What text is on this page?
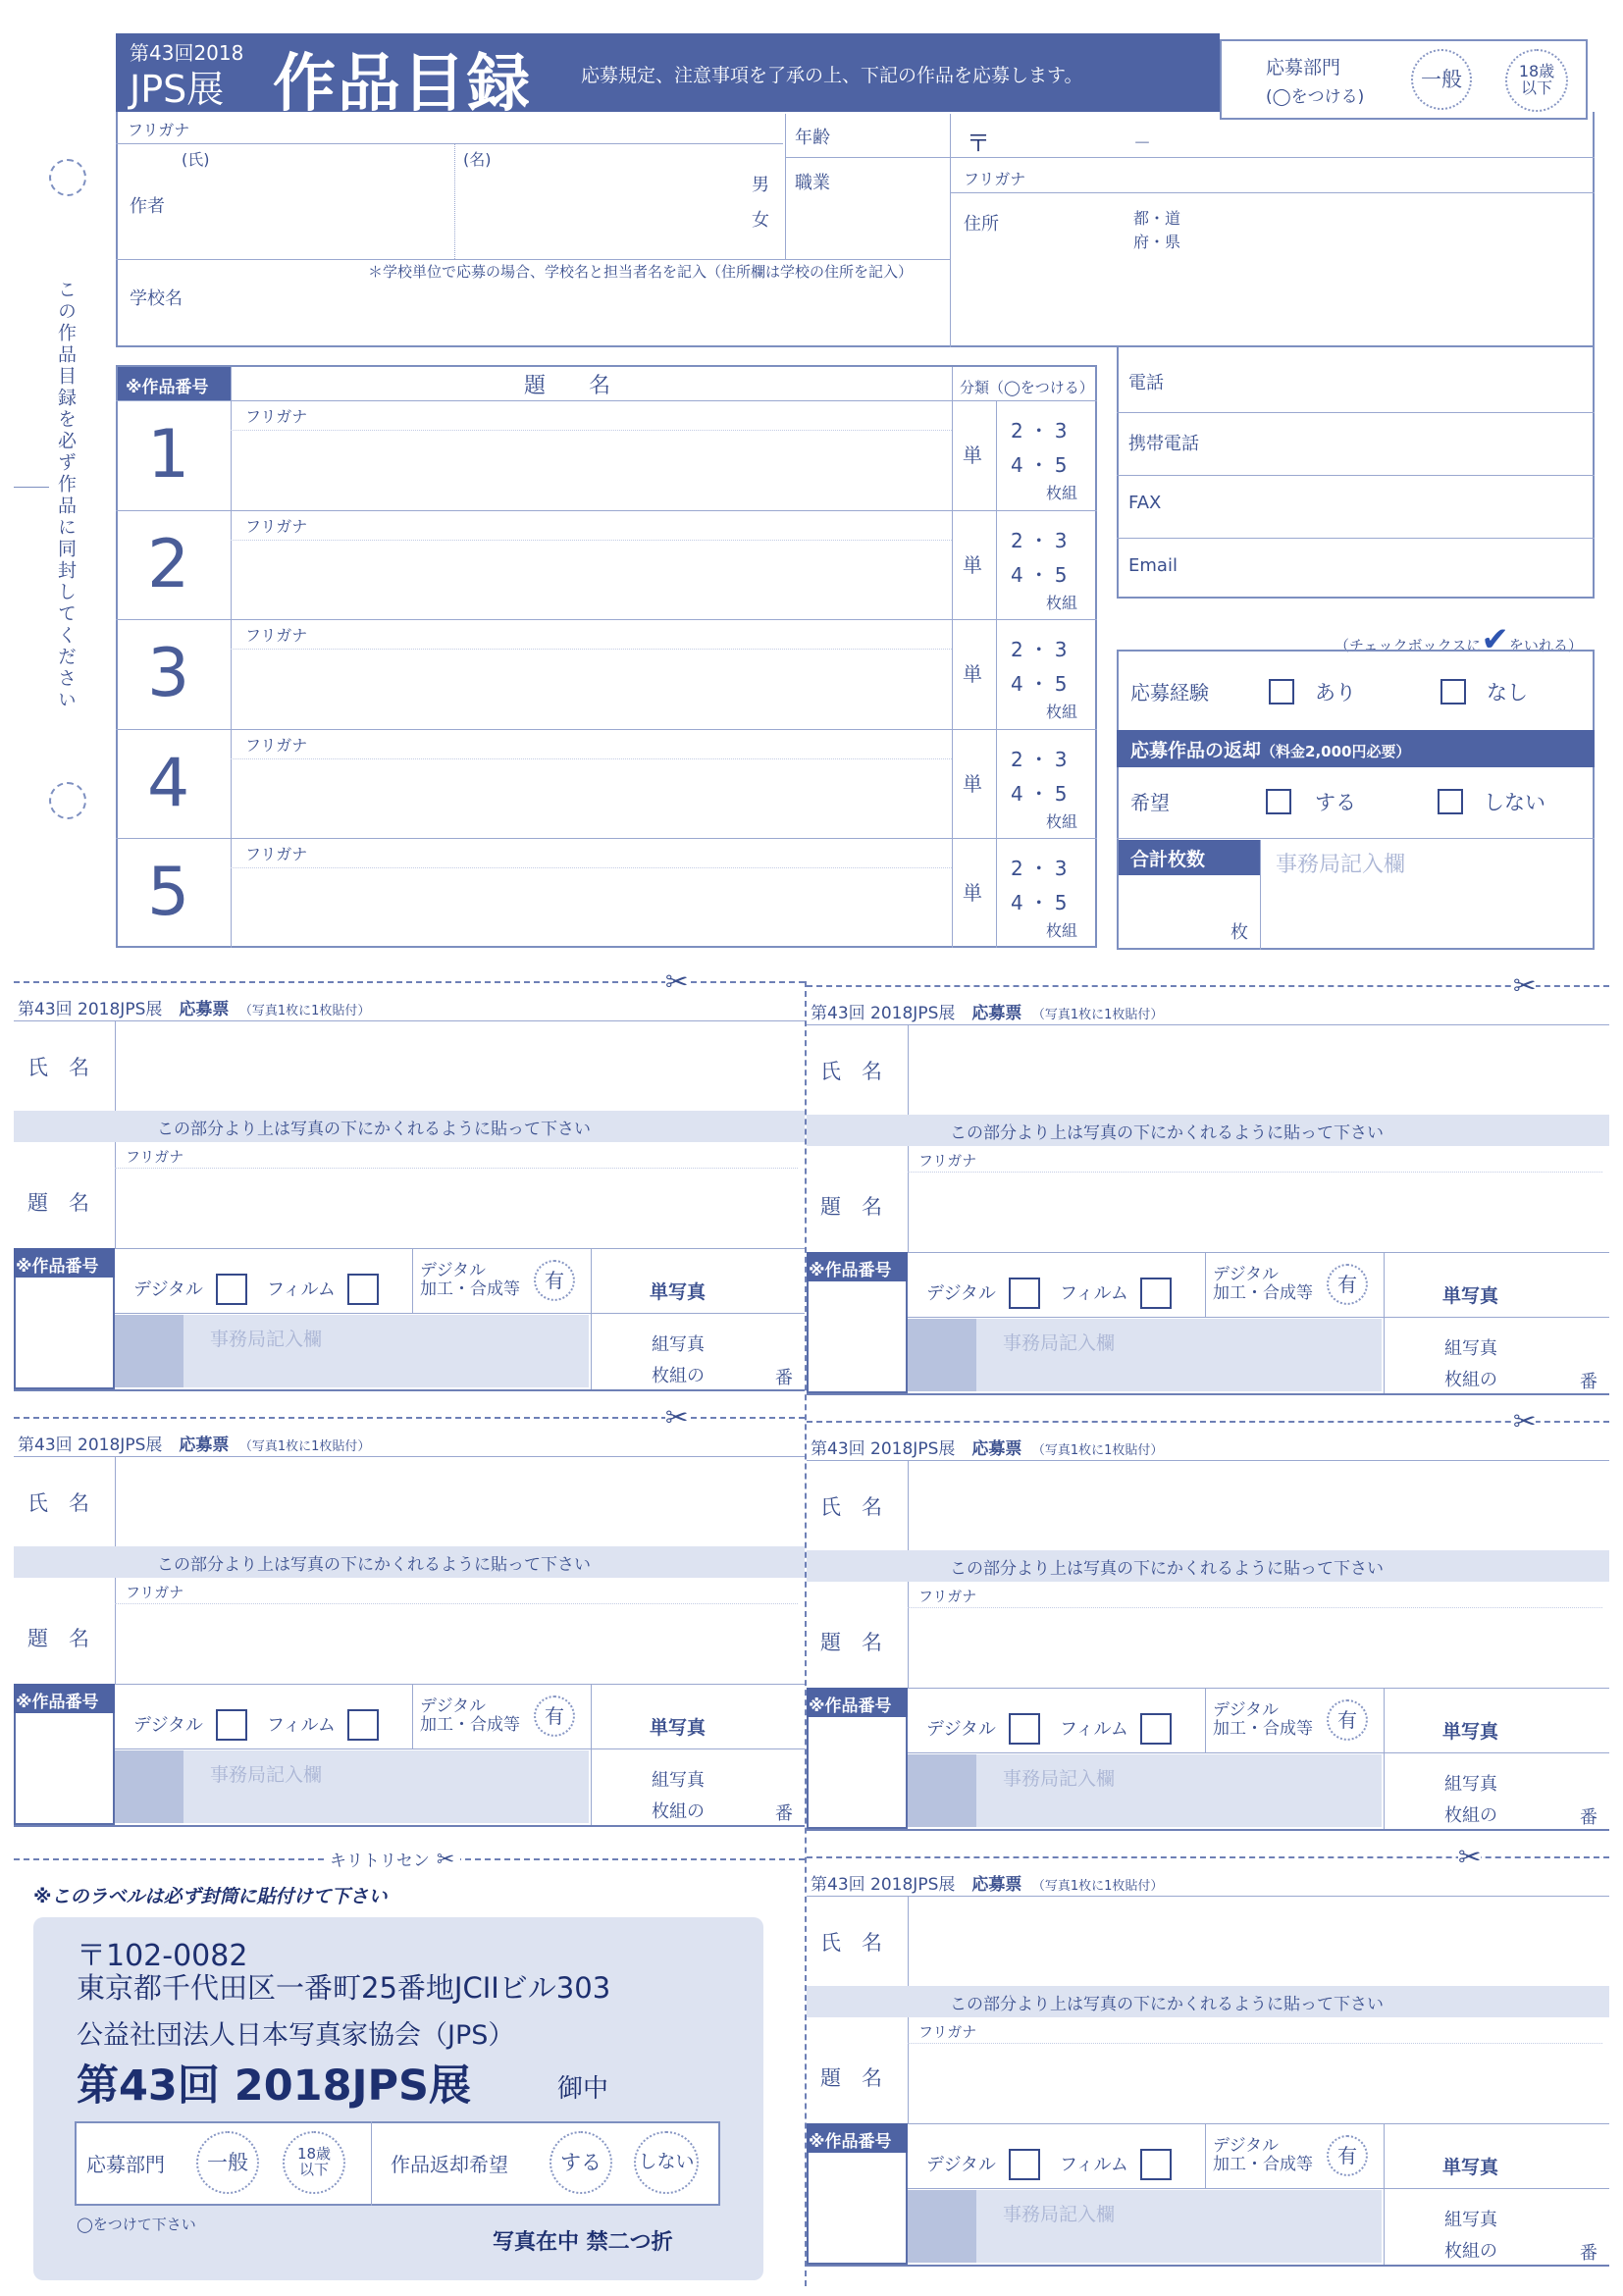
第43回2018
JPS展 作品目録	応募規定、注意事項を了承の上、下記の作品を応募します。	応募部門
(◯をつける)
一般	18歳
以下
この作品目録を必ず作品に同封してください
フリガナ
(氏)	(名)
作者
男
女
年齢
職業
＊学校単位で応募の場合、学校名と担当者名を記入（住所欄は学校の住所を記入）
学校名
〒	－
フリガナ
住所	都・道
府・県
電話
携帯電話
FAX
Email
※作品番号	題　　名	分類（◯をつける）
1	フリガナ
単
2・3
4・5
枚組
2	フリガナ
単
2・3
4・5
枚組
3	フリガナ
単
2・3
4・5
枚組
4	フリガナ
単
2・3
4・5
枚組
5	フリガナ
単
2・3
4・5
枚組
（チェックボックスに✔をいれる）
応募経験	あり	なし
応募作品の返却（料金2,000円必要）
希望	する	しない
合計枚数	事務局記入欄
枚
✂
第43回 2018JPS展　 応募票　 （写真1枚に1枚貼付）
氏　名
この部分より上は写真の下にかくれるように貼って下さい
フリガナ
題　名
※作品番号
デジタル	フィルム
デジタル
加工・合成等 有
単写真
事務局記入欄	組写真
枚組の	番
✂
第43回 2018JPS展　 応募票　 （写真1枚に1枚貼付）
氏　名
この部分より上は写真の下にかくれるように貼って下さい
フリガナ
題　名
※作品番号
デジタル	フィルム
デジタル
加工・合成等 有
単写真
事務局記入欄	組写真
枚組の	番
✂
第43回 2018JPS展　 応募票　 （写真1枚に1枚貼付）
氏　名
この部分より上は写真の下にかくれるように貼って下さい
フリガナ
題　名
※作品番号
デジタル	フィルム
デジタル
加工・合成等 有
単写真
事務局記入欄	組写真
枚組の	番
✂
第43回 2018JPS展　 応募票　 （写真1枚に1枚貼付）
氏　名
この部分より上は写真の下にかくれるように貼って下さい
フリガナ
題　名
※作品番号
デジタル	フィルム
デジタル
加工・合成等 有
単写真
事務局記入欄	組写真
枚組の	番
✂
第43回 2018JPS展　 応募票　 （写真1枚に1枚貼付）
氏　名
この部分より上は写真の下にかくれるように貼って下さい
フリガナ
題　名
※作品番号
デジタル	フィルム
デジタル
加工・合成等 有
単写真
事務局記入欄	組写真
枚組の	番
キリトリセン ✂
※このラベルは必ず封筒に貼付けて下さい
〒102-0082
東京都千代田区一番町25番地JCIIビル303
公益社団法人日本写真家協会（JPS）
第43回 2018JPS展	御中
応募部門 一般	18歳
以下	作品返却希望	する しない
◯をつけて下さい
写真在中 禁二つ折
